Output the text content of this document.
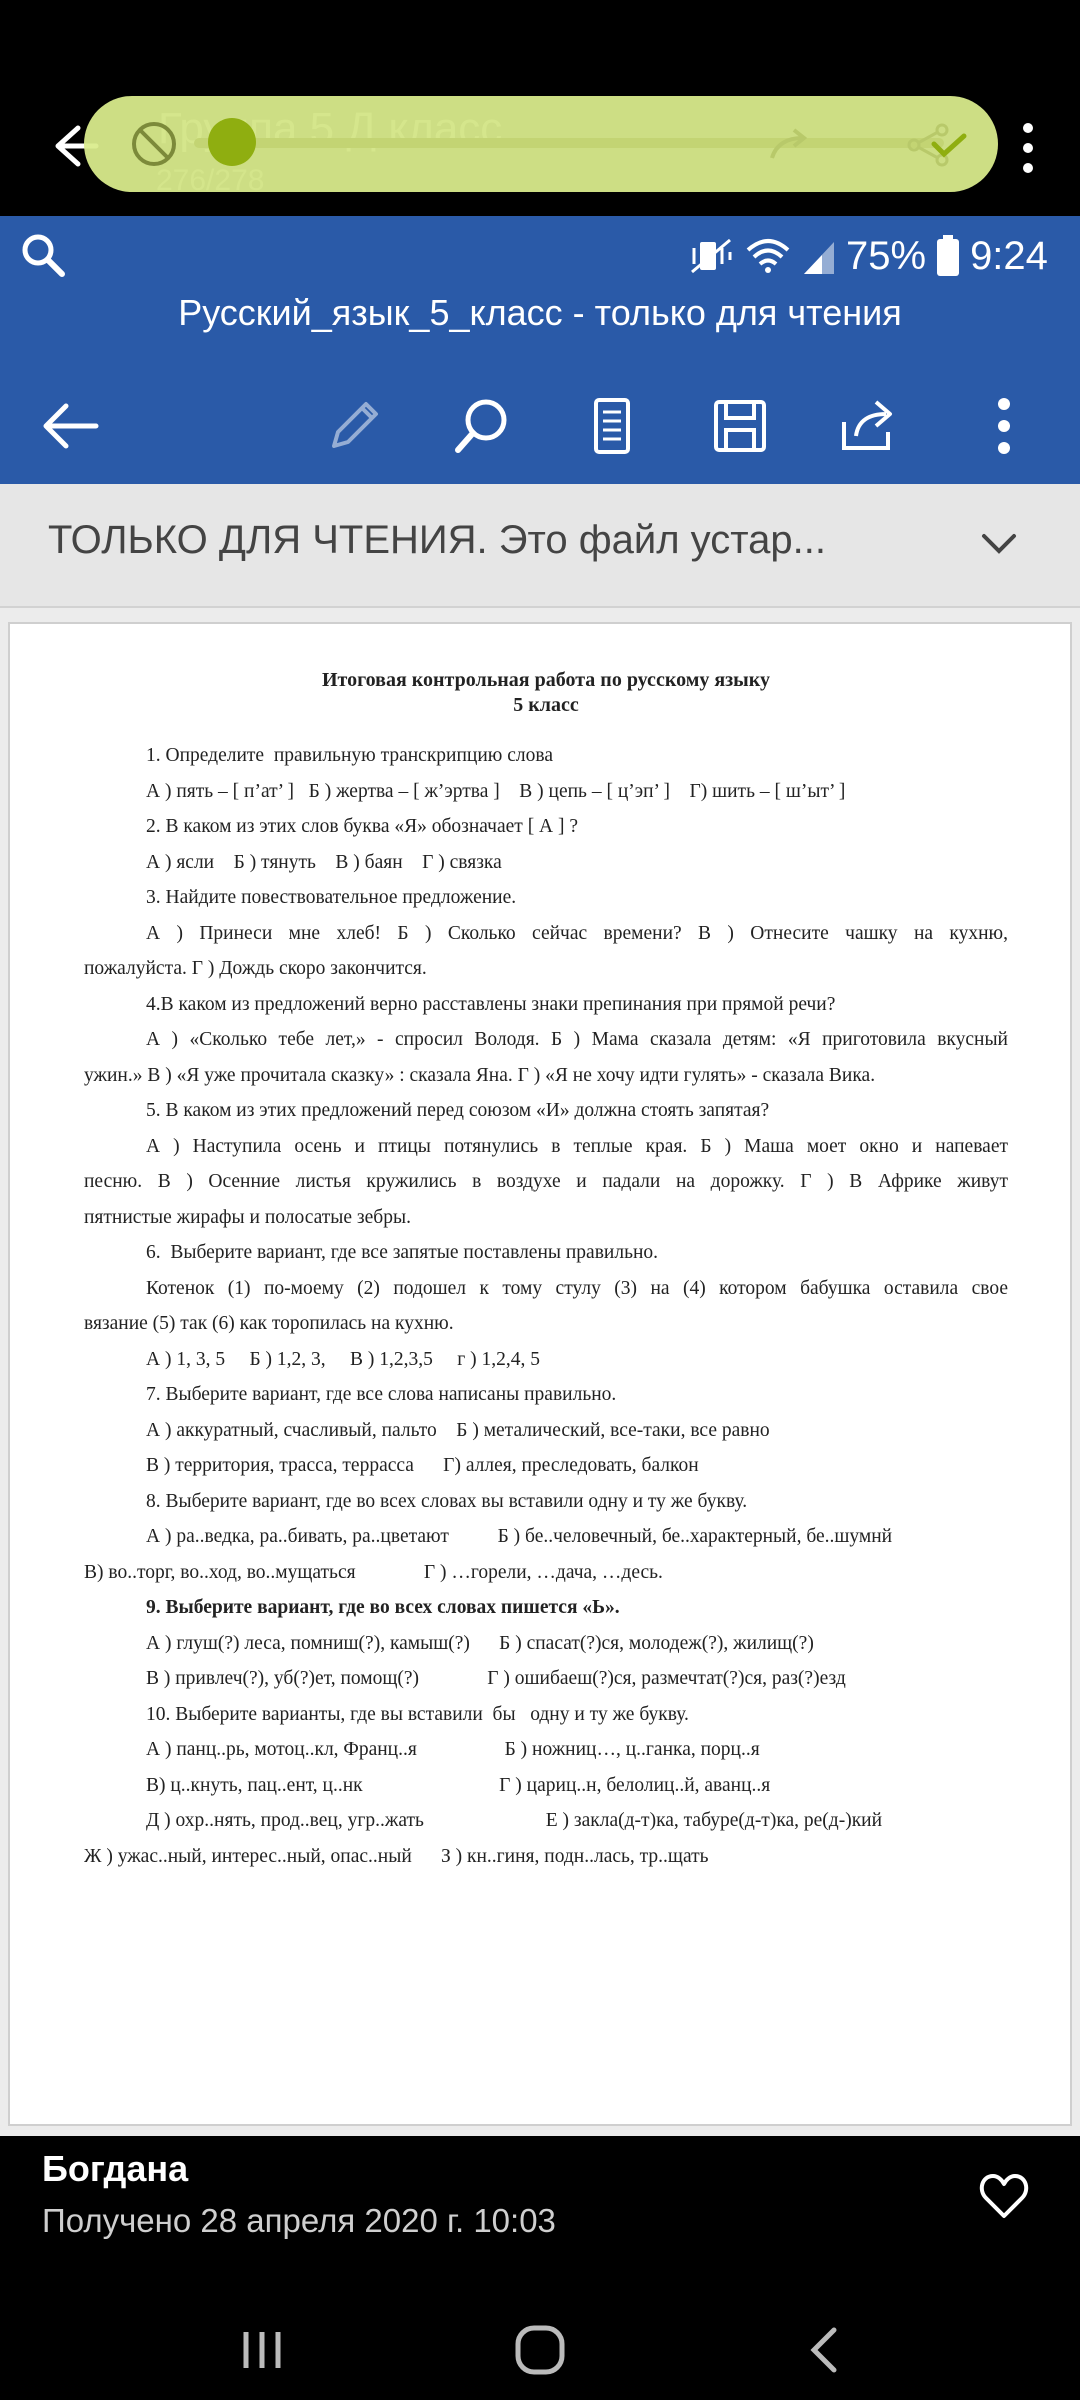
75% 9:24
Русский_язык_5_класс - только для чтения
ТОЛЬКО ДЛЯ ЧТЕНИЯ. Это файл устар...
Итоговая контрольная работа по русскому языку
5 класс
1. Определите  правильную транскрипцию слова
А ) пять – [ п’ат’ ]   Б ) жертва – [ ж’эртва ]    В ) цепь – [ ц’эп’ ]    Г) шить – [ ш’ыт’ ]
2. В каком из этих слов буква «Я» обозначает [ А ] ?
А ) ясли    Б ) тянуть    В ) баян    Г ) связка
3. Найдите повествовательное предложение.
А ) Принеси мне хлеб! Б ) Сколько сейчас времени? В ) Отнесите чашку на кухню,
пожалуйста. Г ) Дождь скоро закончится.
4.В каком из предложений верно расставлены знаки препинания при прямой речи?
А ) «Сколько тебе лет,» - спросил Володя. Б ) Мама сказала детям: «Я приготовила вкусный
ужин.» В ) «Я уже прочитала сказку» : сказала Яна. Г ) «Я не хочу идти гулять» - сказала Вика.
5. В каком из этих предложений перед союзом «И» должна стоять запятая?
А ) Наступила осень и птицы потянулись в теплые края. Б ) Маша моет окно и напевает
песню. В ) Осенние листья кружились в воздухе и падали на дорожку. Г ) В Африке живут
пятнистые жирафы и полосатые зебры.
6.  Выберите вариант, где все запятые поставлены правильно.
Котенок (1) по-моему (2) подошел к тому стулу (3) на (4) котором бабушка оставила свое
вязание (5) так (6) как торопилась на кухню.
А ) 1, 3, 5     Б ) 1,2, 3,     В ) 1,2,3,5     г ) 1,2,4, 5
7. Выберите вариант, где все слова написаны правильно.
А ) аккуратный, счасливый, пальто    Б ) металический, все-таки, все равно
В ) территория, трасса, террасса      Г) аллея, преследовать, балкон
8. Выберите вариант, где во всех словах вы вставили одну и ту же букву.
А ) ра..ведка, ра..бивать, ра..цветают          Б ) бе..человечный, бе..характерный, бе..шумнй
В) во..торг, во..ход, во..мущаться              Г ) …горели, …дача, …десь.
9. Выберите вариант, где во всех словах пишется «Ь».
А ) глуш(?) леса, помниш(?), камыш(?)      Б ) спасат(?)ся, молодеж(?), жилищ(?)
В ) привлеч(?), уб(?)ет, помощ(?)              Г ) ошибаеш(?)ся, размечтат(?)ся, раз(?)езд
10. Выберите варианты, где вы вставили  бы   одну и ту же букву.
А ) панц..рь, мотоц..кл, Франц..я                  Б ) ножниц…, ц..ганка, порц..я
В) ц..кнуть, пац..ент, ц..нк                            Г ) цариц..н, белолиц..й, аванц..я
Д ) охр..нять, прод..вец, угр..жать                         Е ) закла(д-т)ка, табуре(д-т)ка, ре(д-)кий
Ж ) ужас..ный, интерес..ный, опас..ный      З ) кн..гиня, подн..лась, тр..щать
Богдана
Получено 28 апреля 2020 г. 10:03
